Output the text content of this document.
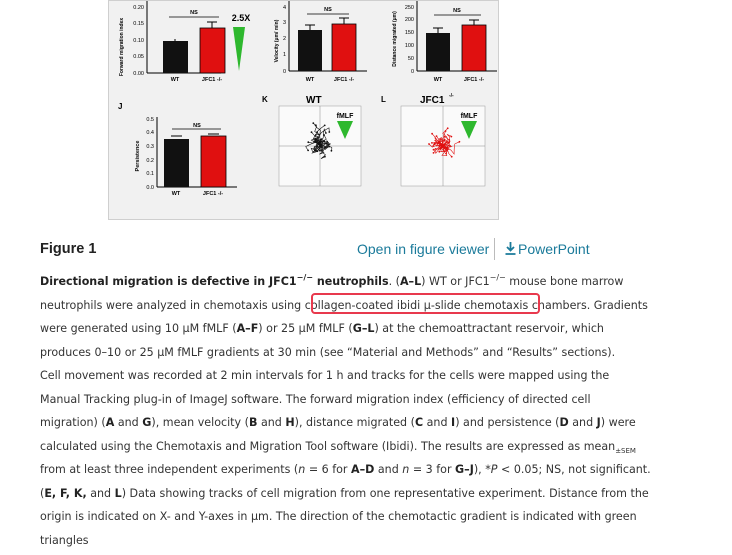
Forward migration index
0.20
0.15
0.10
0.05
0.00
NS
WT	JFC1 -/-
2.5X
Velocity (μm/ min)
4
3
2
1
0
NS
WT	JFC1 -/-
Distance migrated (μm)
250
200
150
100
50
0
NS
WT	JFC1 -/-
J
Persistence
0.5
0.4
0.3
0.2
0.1
0.0
NS
WT	JFC1 -/-
K	WT
fMLF
L	JFC1 -/-
fMLF
Figure 1	Open in figure viewer	PowerPoint
Directional migration is defective in JFC1−/− neutrophils. (A–L) WT or JFC1−/− mouse bone marrow
neutrophils were analyzed in chemotaxis using collagen-coated ibidi μ-slide chemotaxis chambers. Gradients
were generated using 10 μM fMLF (A–F) or 25 μM fMLF (G–L) at the chemoattractant reservoir, which
produces 0–10 or 25 μM fMLF gradients at 30 min (see “Material and Methods” and “Results” sections).
Cell movement was recorded at 2 min intervals for 1 h and tracks for the cells were mapped using the
Manual Tracking plug-in of ImageJ software. The forward migration index (efficiency of directed cell
migration) (A and G), mean velocity (B and H), distance migrated (C and I) and persistence (D and J) were
calculated using the Chemotaxis and Migration Tool software (Ibidi). The results are expressed as mean$_{\pm SEM}$
from at least three independent experiments (n = 6 for A–D and n = 3 for G–J), *P < 0.05; NS, not significant.
(E, F, K, and L) Data showing tracks of cell migration from one representative experiment. Distance from the
origin is indicated on X- and Y-axes in μm. The direction of the chemotactic gradient is indicated with green
triangles
